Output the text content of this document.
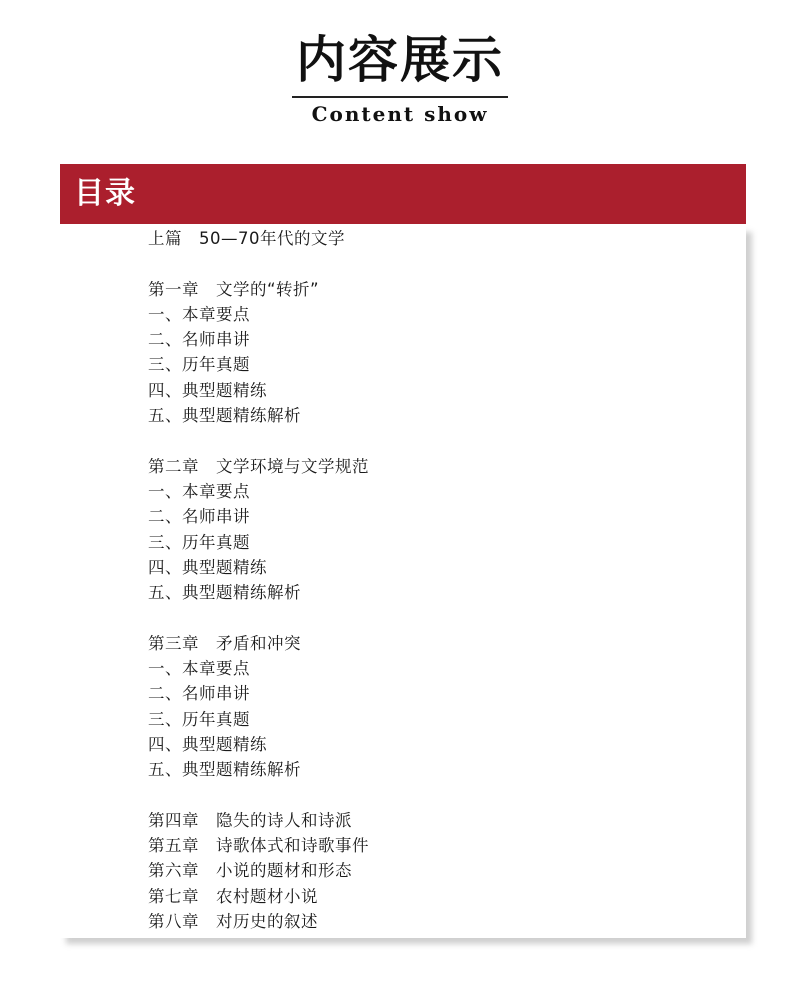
内容展示
Content show
目录
上篇　50—70年代的文学
第一章　文学的“转折”
一、本章要点
二、名师串讲
三、历年真题
四、典型题精练
五、典型题精练解析
第二章　文学环境与文学规范
一、本章要点
二、名师串讲
三、历年真题
四、典型题精练
五、典型题精练解析
第三章　矛盾和冲突
一、本章要点
二、名师串讲
三、历年真题
四、典型题精练
五、典型题精练解析
第四章　隐失的诗人和诗派
第五章　诗歌体式和诗歌事件
第六章　小说的题材和形态
第七章　农村题材小说
第八章　对历史的叙述
